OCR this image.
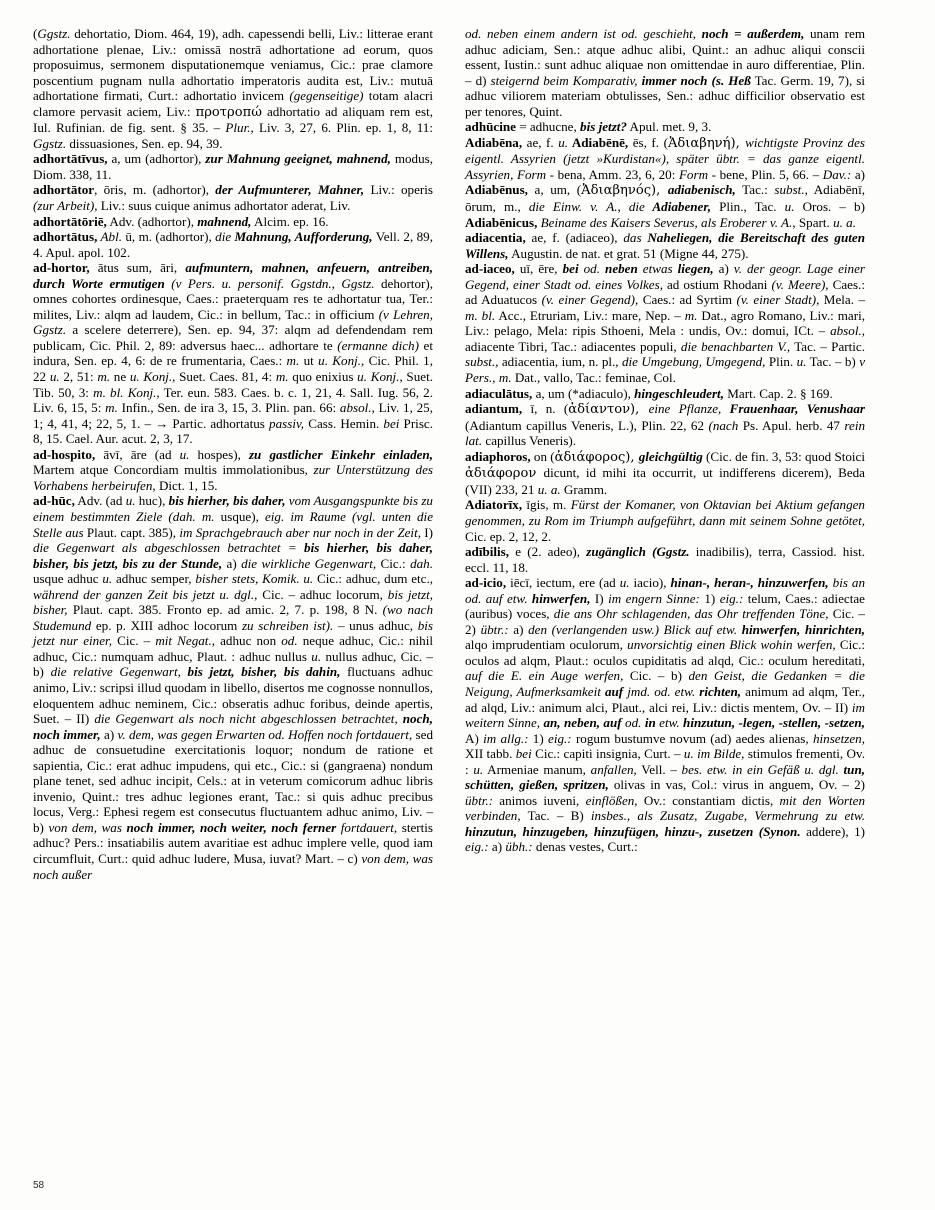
(Ggstz. dehortatio, Diom. 464, 19), adh. capessendi belli, Liv.: litterae erant adhortatione plenae, Liv.: omissā nostrā adhortatione ad eorum, quos proposuimus, sermonem disputationemque veniamus, Cic.: prae clamore poscentium pugnam nulla adhortatio imperatoris audita est, Liv.: mutuā adhortatione firmati, Curt.: adhortatio invicem (gegenseitige) totam alacri clamore pervasit aciem, Liv.: προτροπώ adhortatio ad aliquam rem est, Iul. Rufinian. de fig. sent. § 35. – Plur., Liv. 3, 27, 6. Plin. ep. 1, 8, 11: Ggstz. dissuasiones, Sen. ep. 94, 39.

adhortātīvus, a, um (adhortor), zur Mahnung geeignet, mahnend, modus, Diom. 338, 11.

adhortātor, ōris, m. (adhortor), der Aufmunterer, Mahner, Liv.: operis (zur Arbeit), Liv.: suus cuique animus adhortator aderat, Liv.

adhortātōriē, Adv. (adhortor), mahnend, Alcim. ep. 16.

adhortātus, Abl. ū, m. (adhortor), die Mahnung, Aufforderung, Vell. 2, 89, 4. Apul. apol. 102.

ad-hortor, ātus sum, āri, aufmuntern, mahnen, anfeuern, antreiben, durch Worte ermutigen (v Pers. u. personif. Ggstdn., Ggstz. dehortor), omnes cohortes ordinesque, Caes.: praeterquam res te adhortatur tua, Ter.: milites, Liv.: alqm ad laudem, Cic.: in bellum, Tac.: in officium (v Lehren, Ggstz. a scelere deterrere), Sen. ep. 94, 37: alqm ad defendendam rem publicam, Cic. Phil. 2, 89: adversus haec... adhortare te (ermanne dich) et indura, Sen. ep. 4, 6: de re frumentaria, Caes.: m. ut u. Konj., Cic. Phil. 1, 22 u. 2, 51: m. ne u. Konj., Suet. Caes. 81, 4: m. quo enixius u. Konj., Suet. Tib. 50, 3: m. bl. Konj., Ter. eun. 583. Caes. b. c. 1, 21, 4. Sall. Iug. 56, 2. Liv. 6, 15, 5: m. Infin., Sen. de ira 3, 15, 3. Plin. pan. 66: absol., Liv. 1, 25, 1; 4, 41, 4; 22, 5, 1. – → Partic. adhortatus passiv, Cass. Hemin. bei Prisc. 8, 15. Cael. Aur. acut. 2, 3, 17.

ad-hospito, āvī, āre (ad u. hospes), zu gastlicher Einkehr einladen, Martem atque Concordiam multis immolationibus, zur Unterstützung des Vorhabens herbeirufen, Dict. 1, 15.

ad-hūc, Adv. (ad u. huc), bis hierher, bis daher, vom Ausgangspunkte bis zu einem bestimmten Ziele (dah. m. usque), eig. im Raume (vgl. unten die Stelle aus Plaut. capt. 385), im Sprachgebrauch aber nur noch in der Zeit, I) die Gegenwart als abgeschlossen betrachtet = bis hierher, bis daher, bisher, bis jetzt, bis zu der Stunde, a) die wirkliche Gegenwart, Cic.: dah. usque adhuc u. adhuc semper, bisher stets, Komik. u. Cic.: adhuc, dum etc., während der ganzen Zeit bis jetzt u. dgl., Cic. – adhuc locorum, bis jetzt, bisher, Plaut. capt. 385. Fronto ep. ad amic. 2, 7. p. 198, 8 N. (wo nach Studemund ep. p. XIII adhoc locorum zu schreiben ist). – unus adhuc, bis jetzt nur einer, Cic. – mit Negat., adhuc non od. neque adhuc, Cic.: nihil adhuc, Cic.: numquam adhuc, Plaut. : adhuc nullus u. nullus adhuc, Cic. – b) die relative Gegenwart, bis jetzt, bisher, bis dahin, fluctuans adhuc animo, Liv.: scripsi illud quodam in libello, disertos me cognosse nonnullos, eloquentem adhuc neminem, Cic.: obseratis adhuc foribus, deinde apertis, Suet. – II) die Gegenwart als noch nicht abgeschlossen betrachtet, noch, noch immer, a) v. dem, was gegen Erwarten od. Hoffen noch fortdauert, sed adhuc de consuetudine exercitationis loquor; nondum de ratione et sapientia, Cic.: erat adhuc impudens, qui etc., Cic.: si (gangraena) nondum plane tenet, sed adhuc incipit, Cels.: at in veterum comicorum adhuc libris invenio, Quint.: tres adhuc legiones erant, Tac.: si quis adhuc precibus locus, Verg.: Ephesi regem est consecutus fluctuantem adhuc animo, Liv. – b) von dem, was noch immer, noch weiter, noch ferner fortdauert, stertis adhuc? Pers.: insatiabilis autem avaritiae est adhuc implere velle, quod iam circumfluit, Curt.: quid adhuc ludere, Musa, iuvat? Mart. – c) von dem, was noch außer

od. neben einem andern ist od. geschieht, noch = außerdem, unam rem adhuc adiciam, Sen.: atque adhuc alibi, Quint.: an adhuc aliqui conscii essent, Iustin.: sunt adhuc aliquae non omittendae in auro differentiae, Plin. – d) steigernd beim Komparativ, immer noch (s. Heß Tac. Germ. 19, 7), si adhuc viliorem materiam obtulisses, Sen.: adhuc difficilior observatio est per tenores, Quint.

adhūcine = adhucne, bis jetzt? Apul. met. 9, 3.

Adiabēna, ae, f. u. Adiabēnē, ēs, f. (Ἀδιαβηνή), wichtigste Provinz des eigentl. Assyrien (jetzt »Kurdistan«), später übtr. = das ganze eigentl. Assyrien, Form - bena, Amm. 23, 6, 20: Form - bene, Plin. 5, 66. – Dav.: a) Adiabēnus, a, um, (Ἀδιαβηνός), adiabenisch, Tac.: subst., Adiabēnī, ōrum, m., die Einw. v. A., die Adiabener, Plin., Tac. u. Oros. – b) Adiabēnicus, Beiname des Kaisers Severus, als Eroberer v. A., Spart. u. a.

adiacentia, ae, f. (adiaceo), das Naheliegen, die Bereitschaft des guten Willens, Augustin. de nat. et grat. 51 (Migne 44, 275).

ad-iaceo, uī, ēre, bei od. neben etwas liegen, a) v. der geogr. Lage einer Gegend, einer Stadt od. eines Volkes, ad ostium Rhodani (v. Meere), Caes.: ad Aduatucos (v. einer Gegend), Caes.: ad Syrtim (v. einer Stadt), Mela. – m. bl. Acc., Etruriam, Liv.: mare, Nep. – m. Dat., agro Romano, Liv.: mari, Liv.: pelago, Mela: ripis Sthoeni, Mela : undis, Ov.: domui, ICt. – absol., adiacente Tibri, Tac.: adiacentes populi, die benachbarten V., Tac. – Partic. subst., adiacentia, ium, n. pl., die Umgebung, Umgegend, Plin. u. Tac. – b) v Pers., m. Dat., vallo, Tac.: feminae, Col.

adiaculātus, a, um (*adiaculo), hingeschleudert, Mart. Cap. 2. § 169.

adiantum, ī, n. (ἀδίαντον), eine Pflanze, Frauenhaar, Venushaar (Adiantum capillus Veneris, L.), Plin. 22, 62 (nach Ps. Apul. herb. 47 rein lat. capillus Veneris).

adiaphoros, on (ἀδιάφορος), gleichgültig (Cic. de fin. 3, 53: quod Stoici ἀδιάφορον dicunt, id mihi ita occurrit, ut indifferens dicerem), Beda (VII) 233, 21 u. a. Gramm.

Adiatorīx, īgis, m. Fürst der Komaner, von Oktavian bei Aktium gefangen genommen, zu Rom im Triumph aufgeführt, dann mit seinem Sohne getötet, Cic. ep. 2, 12, 2.

adībilis, e (2. adeo), zugänglich (Ggstz. inadibilis), terra, Cassiod. hist. eccl. 11, 18.

ad-icio, iēcī, iectum, ere (ad u. iacio), hinan-, heran-, hinzuwerfen, bis an od. auf etw. hinwerfen, I) im engern Sinne: 1) eig.: telum, Caes.: adiectae (auribus) voces, die ans Ohr schlagenden, das Ohr treffenden Töne, Cic. – 2) übtr.: a) den (verlangenden usw.) Blick auf etw. hinwerfen, hinrichten, alqo imprudentiam oculorum, unvorsichtig einen Blick wohin werfen, Cic.: oculos ad alqm, Plaut.: oculos cupiditatis ad alqd, Cic.: oculum hereditati, auf die E. ein Auge werfen, Cic. – b) den Geist, die Gedanken = die Neigung, Aufmerksamkeit auf jmd. od. etw. richten, animum ad alqm, Ter., ad alqd, Liv.: animum alci, Plaut., alci rei, Liv.: dictis mentem, Ov. – II) im weitern Sinne, an, neben, auf od. in etw. hinzutun, -legen, -stellen, -setzen, A) im allg.: 1) eig.: rogum bustumve novum (ad) aedes alienas, hinsetzen, XII tabb. bei Cic.: capiti insignia, Curt. – u. im Bilde, stimulos frementi, Ov. : u. Armeniae manum, anfallen, Vell. – bes. etw. in ein Gefäß u. dgl. tun, schütten, gießen, spritzen, olivas in vas, Col.: virus in anguem, Ov. – 2) übtr.: animos iuveni, einflößen, Ov.: constantiam dictis, mit den Worten verbinden, Tac. – B) insbes., als Zusatz, Zugabe, Vermehrung zu etw. hinzutun, hinzugeben, hinzufügen, hinzu-, zusetzen (Synon. addere), 1) eig.: a) übh.: denas vestes, Curt.:

58
